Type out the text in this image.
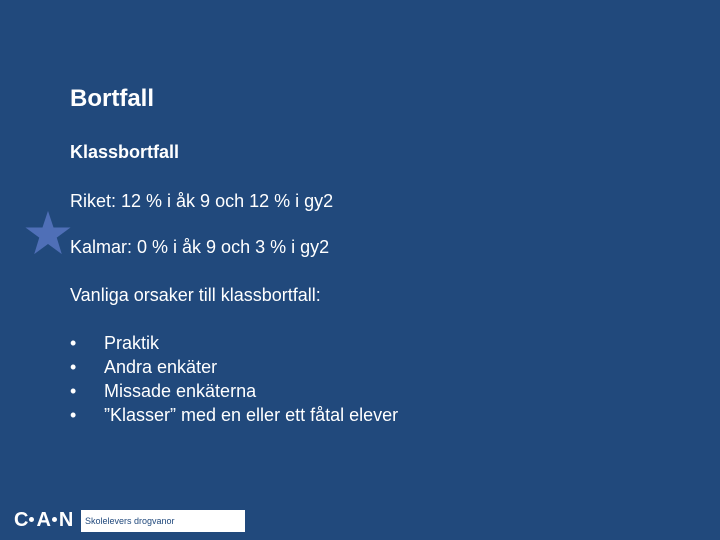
Bortfall
Klassbortfall
Riket: 12 % i åk 9 och 12 % i gy2
Kalmar: 0 % i åk 9 och 3 % i gy2
Vanliga orsaker till klassbortfall:
• Praktik
• Andra enkäter
• Missade enkäterna
• ”Klasser” med en eller ett fåtal elever
C A N	Skolelevers drogvanor
